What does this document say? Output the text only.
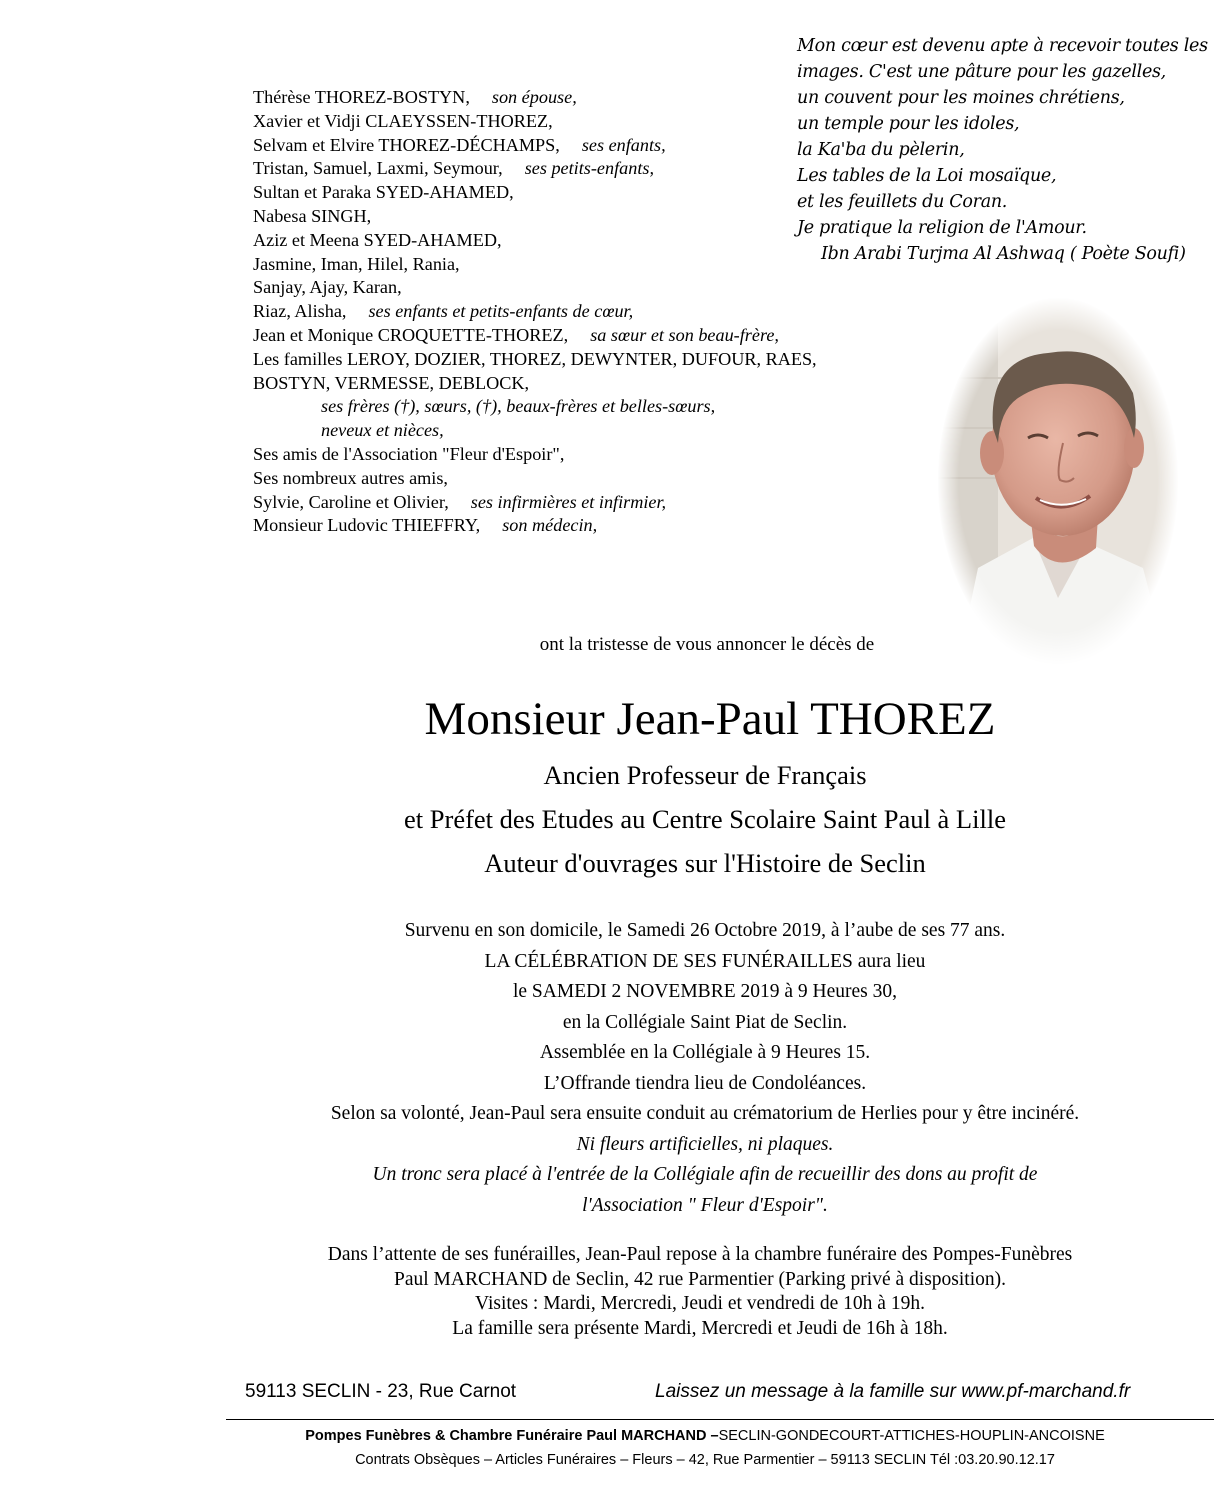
Mon cœur est devenu apte à recevoir toutes les
images. C'est une pâture pour les gazelles,
un couvent pour les moines chrétiens,
un temple pour les idoles,
la Ka'ba du pèlerin,
Les tables de la Loi mosaïque,
et les feuillets du Coran.
Je pratique la religion de l'Amour.
Ibn Arabi Turjma Al Ashwaq ( Poète Soufi)
Thérèse THOREZ-BOSTYN, son épouse,
Xavier et Vidji CLAEYSSEN-THOREZ,
Selvam et Elvire THOREZ-DÉCHAMPS, ses enfants,
Tristan, Samuel, Laxmi, Seymour, ses petits-enfants,
Sultan et Paraka SYED-AHAMED,
Nabesa SINGH,
Aziz et Meena SYED-AHAMED,
Jasmine, Iman, Hilel, Rania,
Sanjay, Ajay, Karan,
Riaz, Alisha, ses enfants et petits-enfants de cœur,
Jean et Monique CROQUETTE-THOREZ, sa sœur et son beau-frère,
Les familles LEROY, DOZIER, THOREZ, DEWYNTER, DUFOUR, RAES,
BOSTYN, VERMESSE, DEBLOCK,
ses frères (†), sœurs, (†), beaux-frères et belles-sœurs,
neveux et nièces,
Ses amis de l'Association "Fleur d'Espoir",
Ses nombreux autres amis,
Sylvie, Caroline et Olivier, ses infirmières et infirmier,
Monsieur Ludovic THIEFFRY, son médecin,
ont la tristesse de vous annoncer le décès de
Monsieur Jean-Paul THOREZ
Ancien Professeur de Français
et Préfet des Etudes au Centre Scolaire Saint Paul à Lille
Auteur d'ouvrages sur l'Histoire de Seclin
Survenu en son domicile, le Samedi 26 Octobre 2019, à l’aube de ses 77 ans.
LA CÉLÉBRATION DE SES FUNÉRAILLES aura lieu
le SAMEDI 2 NOVEMBRE 2019 à 9 Heures 30,
en la Collégiale Saint Piat de Seclin.
Assemblée en la Collégiale à 9 Heures 15.
L’Offrande tiendra lieu de Condoléances.
Selon sa volonté, Jean-Paul sera ensuite conduit au crématorium de Herlies pour y être incinéré.
Ni fleurs artificielles, ni plaques.
Un tronc sera placé à l'entrée de la Collégiale afin de recueillir des dons au profit de
l'Association " Fleur d'Espoir".
Dans l’attente de ses funérailles, Jean-Paul repose à la chambre funéraire des Pompes-Funèbres
Paul MARCHAND de Seclin, 42 rue Parmentier (Parking privé à disposition).
Visites : Mardi, Mercredi, Jeudi et vendredi de 10h à 19h.
La famille sera présente Mardi, Mercredi et Jeudi de 16h à 18h.
59113 SECLIN - 23, Rue Carnot	Laissez un message à la famille sur www.pf-marchand.fr
Pompes Funèbres & Chambre Funéraire Paul MARCHAND –SECLIN-GONDECOURT-ATTICHES-HOUPLIN-ANCOISNE
Contrats Obsèques – Articles Funéraires – Fleurs – 42, Rue Parmentier – 59113 SECLIN Tél :03.20.90.12.17
